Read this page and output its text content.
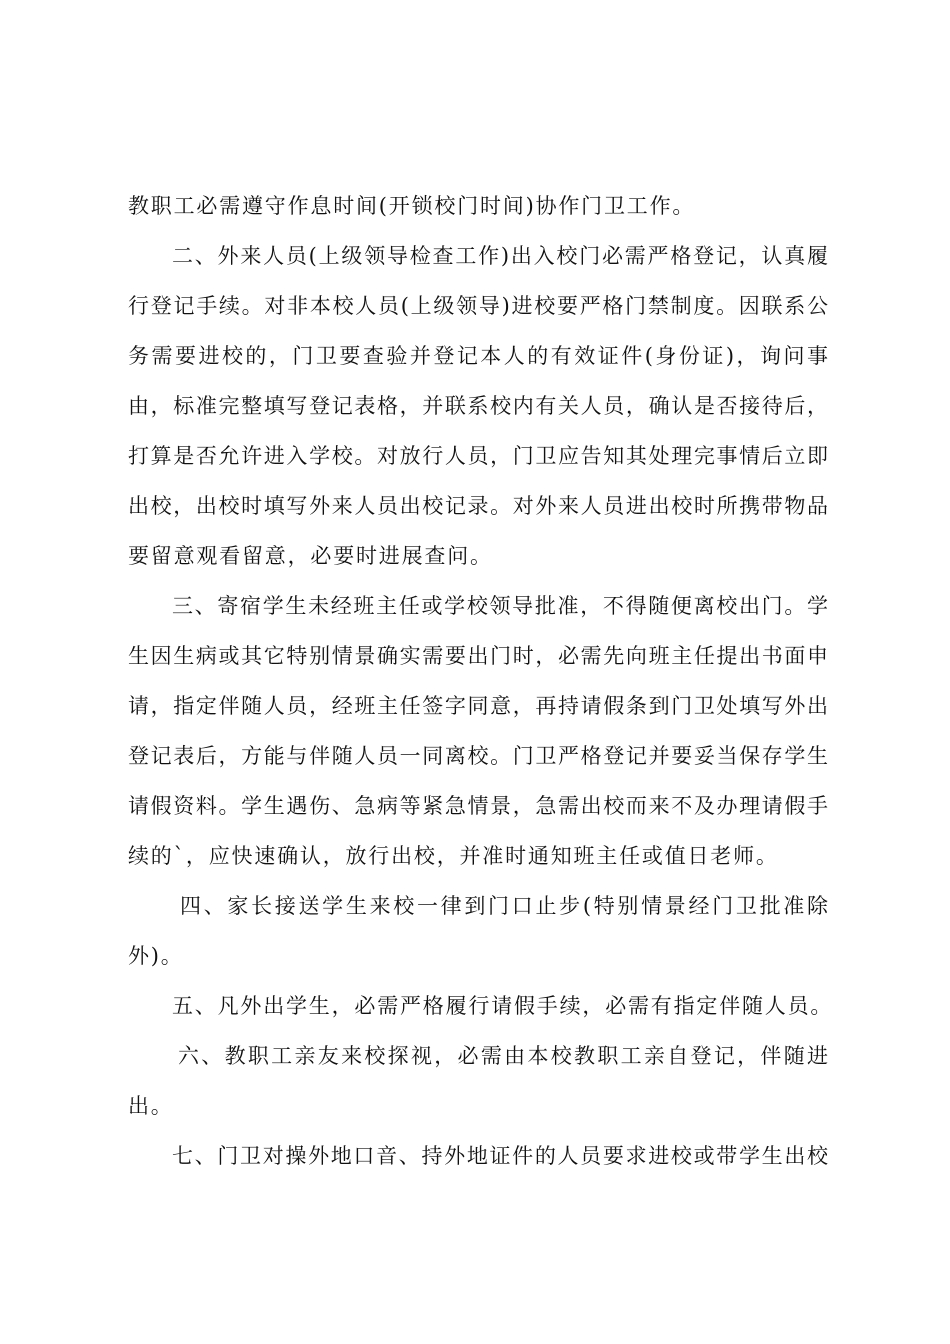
教职工必需遵守作息时间(开锁校门时间)协作门卫工作。
二、外来人员(上级领导检查工作)出入校门必需严格登记，认真履
行登记手续。对非本校人员(上级领导)进校要严格门禁制度。因联系公
务需要进校的，门卫要查验并登记本人的有效证件(身份证)，询问事
由，标准完整填写登记表格，并联系校内有关人员，确认是否接待后，
打算是否允许进入学校。对放行人员，门卫应告知其处理完事情后立即
出校，出校时填写外来人员出校记录。对外来人员进出校时所携带物品
要留意观看留意，必要时进展查问。
三、寄宿学生未经班主任或学校领导批准，不得随便离校出门。学
生因生病或其它特别情景确实需要出门时，必需先向班主任提出书面申
请，指定伴随人员，经班主任签字同意，再持请假条到门卫处填写外出
登记表后，方能与伴随人员一同离校。门卫严格登记并要妥当保存学生
请假资料。学生遇伤、急病等紧急情景，急需出校而来不及办理请假手
续的`，应快速确认，放行出校，并准时通知班主任或值日老师。
四、家长接送学生来校一律到门口止步(特别情景经门卫批准除
外)。
五、凡外出学生，必需严格履行请假手续，必需有指定伴随人员。
六、教职工亲友来校探视，必需由本校教职工亲自登记，伴随进
出。
七、门卫对操外地口音、持外地证件的人员要求进校或带学生出校
